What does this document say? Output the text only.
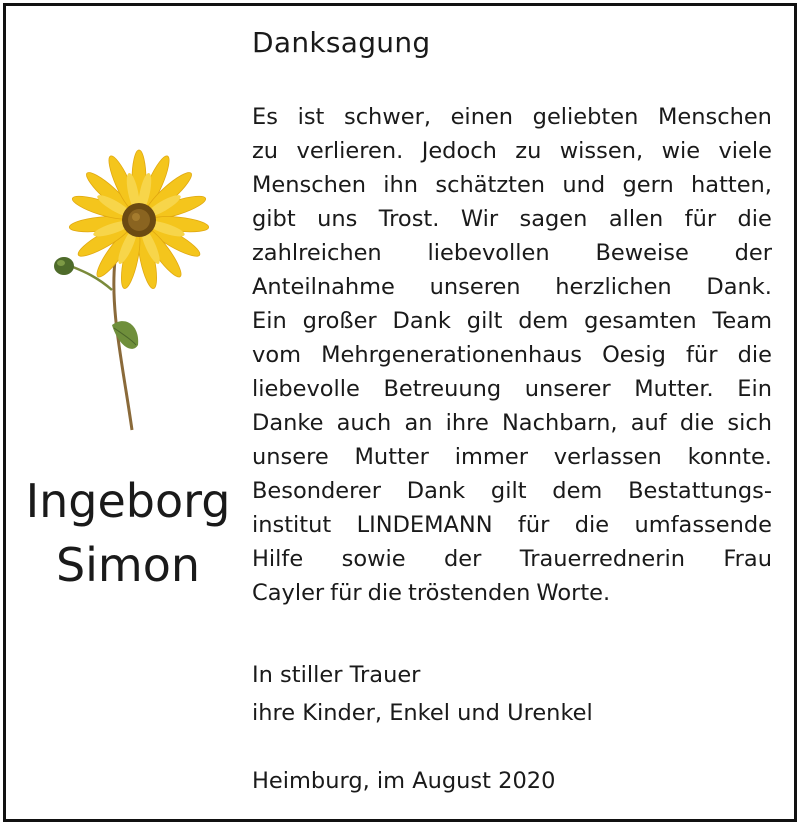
Danksagung
Es ist schwer, einen geliebten Menschen
zu verlieren. Jedoch zu wissen, wie viele
Menschen ihn schätzten und gern hatten,
gibt uns Trost. Wir sagen allen für die
zahlreichen liebevollen Beweise der
Anteilnahme unseren herzlichen Dank.
Ein großer Dank gilt dem gesamten Team
vom Mehrgenerationenhaus Oesig für die
liebevolle Betreuung unserer Mutter. Ein
Danke auch an ihre Nachbarn, auf die sich
unsere Mutter immer verlassen konnte.
Besonderer Dank gilt dem Bestattungs-
institut LINDEMANN für die umfassende
Hilfe sowie der Trauerrednerin Frau
Cayler für die tröstenden Worte.
In stiller Trauer
ihre Kinder, Enkel und Urenkel
Heimburg, im August 2020
Ingeborg
Simon
